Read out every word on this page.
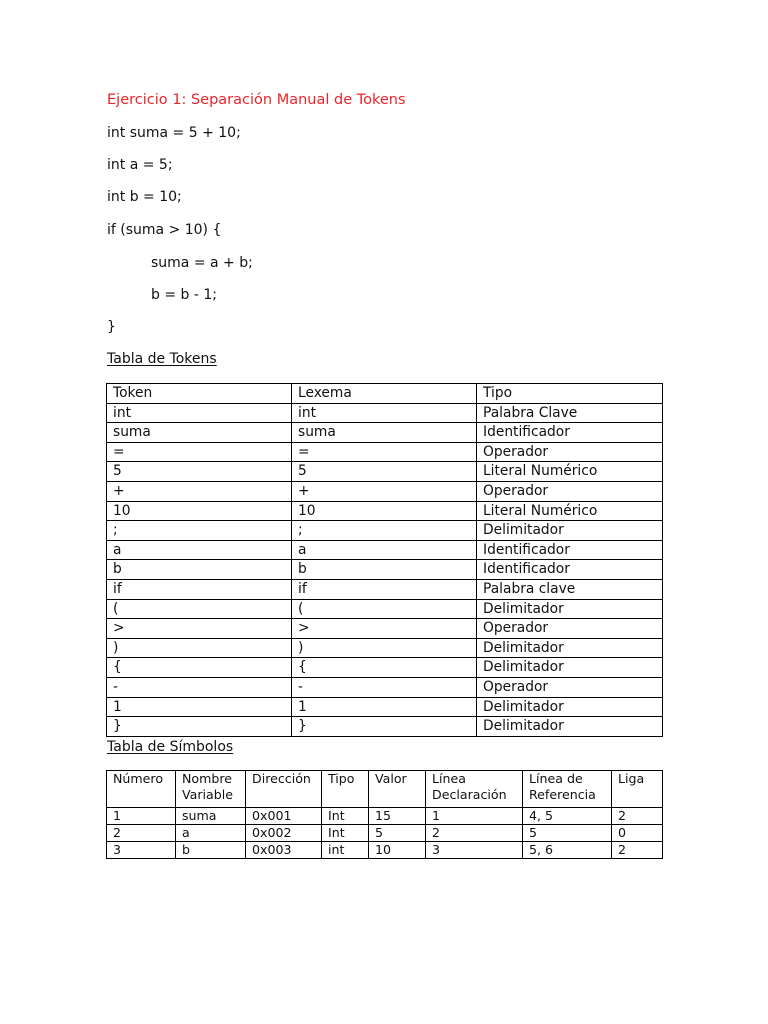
Ejercicio 1: Separación Manual de Tokens
int suma = 5 + 10;
int a = 5;
int b = 10;
if (suma > 10) {
suma = a + b;
b = b - 1;
}
Tabla de Tokens
Token	Lexema	Tipo
int	int	Palabra Clave
suma	suma	Identificador
=	=	Operador
5	5	Literal Numérico
+	+	Operador
10	10	Literal Numérico
;	;	Delimitador
a	a	Identificador
b	b	Identificador
if	if	Palabra clave
(	(	Delimitador
>	>	Operador
)	)	Delimitador
{	{	Delimitador
-	-	Operador
1	1	Delimitador
}	}	Delimitador
Tabla de Símbolos
Número	Nombre Variable	Dirección	Tipo	Valor	Línea Declaración	Línea de Referencia	Liga
1	suma	0x001	Int	15	1	4, 5	2
2	a	0x002	Int	5	2	5	0
3	b	0x003	int	10	3	5, 6	2
